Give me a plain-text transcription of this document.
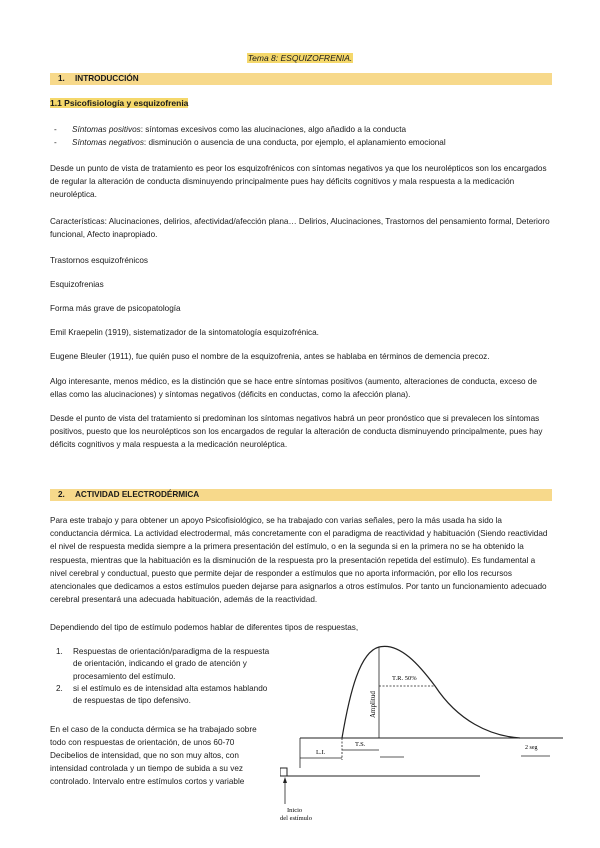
Tema 8: ESQUIZOFRENIA.
1. INTRODUCCIÓN
1.1 Psicofisiología y esquizofrenia
- Síntomas positivos: síntomas excesivos como las alucinaciones, algo añadido a la conducta
- Síntomas negativos: disminución o ausencia de una conducta, por ejemplo, el aplanamiento emocional
Desde un punto de vista de tratamiento es peor los esquizofrénicos con síntomas negativos ya que los neurolépticos son los encargados de regular la alteración de conducta disminuyendo principalmente pues hay déficits cognitivos y mala respuesta a la medicación neuroléptica.
Características: Alucinaciones, delirios, afectividad/afección plana… Delirios, Alucinaciones, Trastornos del pensamiento formal, Deterioro funcional, Afecto inapropiado.
Trastornos esquizofrénicos
Esquizofrenias
Forma más grave de psicopatología
Emil Kraepelin (1919), sistematizador de la sintomatología esquizofrénica.
Eugene Bleuler (1911), fue quién puso el nombre de la esquizofrenia, antes se hablaba en términos de demencia precoz.
Algo interesante, menos médico, es la distinción que se hace entre síntomas positivos (aumento, alteraciones de conducta, exceso de ellas como las alucinaciones) y síntomas negativos (déficits en conductas, como la afección plana).
Desde el punto de vista del tratamiento si predominan los síntomas negativos habrá un peor pronóstico que si prevalecen los síntomas positivos, puesto que los neurolépticos son los encargados de regular la alteración de conducta disminuyendo principalmente, pues hay déficits cognitivos y mala respuesta a la medicación neuroléptica.
2. ACTIVIDAD ELECTRODÉRMICA
Para este trabajo y para obtener un apoyo Psicofisiológico, se ha trabajado con varias señales, pero la más usada ha sido la conductancia dérmica. La actividad electrodermal, más concretamente con el paradigma de reactividad y habituación (Siendo reactividad el nivel de respuesta medida siempre a la primera presentación del estímulo, o en la segunda si en la primera no se ha obtenido la respuesta, mientras que la habituación es la disminución de la respuesta pro la presentación repetida del estímulo). Es fundamental a nivel cerebral y conductual, puesto que permite dejar de responder a estímulos que no aporta información, por ello los recursos atencionales que dedicamos a estos estímulos pueden dejarse para asignarlos a otros estímulos. Por tanto un funcionamiento adecuado cerebral presentará una adecuada habituación, además de la reactividad.
Dependiendo del tipo de estímulo podemos hablar de diferentes tipos de respuestas,
1. Respuestas de orientación/paradigma de la respuesta de orientación, indicando el grado de atención y procesamiento del estímulo.
2. si el estímulo es de intensidad alta estamos hablando de respuestas de tipo defensivo.
En el caso de la conducta dérmica se ha trabajado sobre todo con respuestas de orientación, de unos 60-70 Decibelios de intensidad, que no son muy altos, con intensidad controlada y un tiempo de subida a su vez controlado. Intervalo entre estímulos cortos y variable
Amplitud
T.R. 50%
L.I.
T.S.	2 seg
Inicio
del estímulo
